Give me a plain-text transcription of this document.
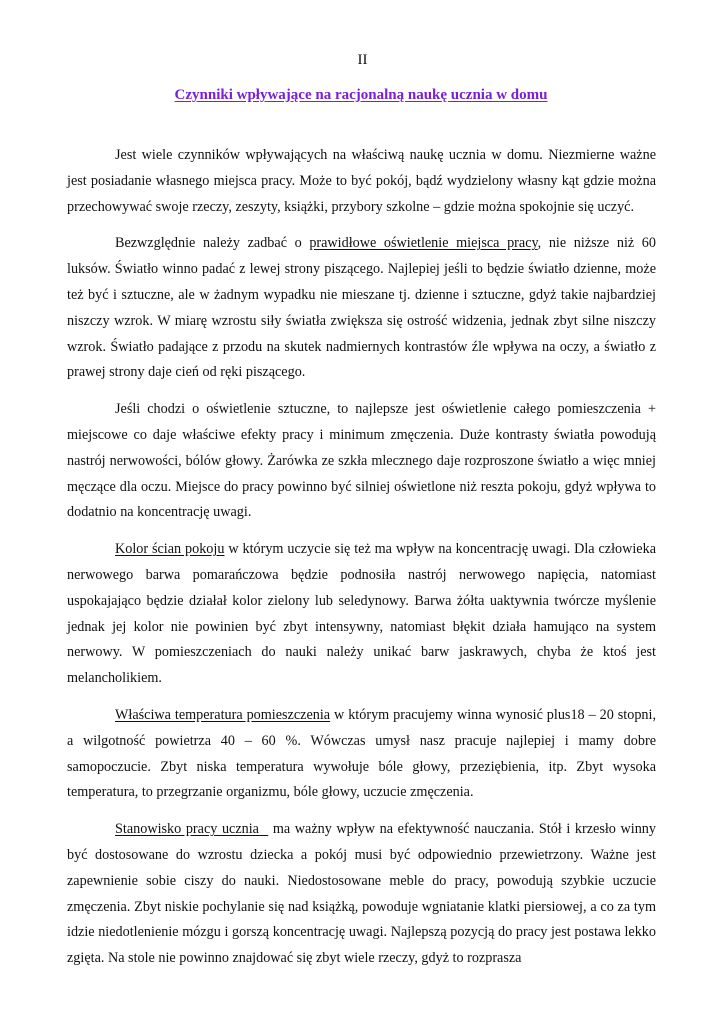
II
Czynniki wpływające na racjonalną naukę ucznia w domu

Jest wiele czynników wpływających na właściwą naukę ucznia w domu. Niezmierne ważne jest posiadanie własnego miejsca pracy. Może to być pokój, bądź wydzielony własny kąt gdzie można przechowywać swoje rzeczy, zeszyty, książki, przybory szkolne – gdzie można spokojnie się uczyć.

Bezwzględnie należy zadbać o prawidłowe oświetlenie miejsca pracy, nie niższe niż 60 luksów. Światło winno padać z lewej strony piszącego. Najlepiej jeśli to będzie światło dzienne, może też być i sztuczne, ale w żadnym wypadku nie mieszane tj. dzienne i sztuczne, gdyż takie najbardziej niszczy wzrok. W miarę wzrostu siły światła zwiększa się ostrość widzenia, jednak zbyt silne niszczy wzrok. Światło padające z przodu na skutek nadmiernych kontrastów źle wpływa na oczy, a światło z prawej strony daje cień od ręki piszącego.

Jeśli chodzi o oświetlenie sztuczne, to najlepsze jest oświetlenie całego pomieszczenia + miejscowe co daje właściwe efekty pracy i minimum zmęczenia. Duże kontrasty światła powodują nastrój nerwowości, bólów głowy. Żarówka ze szkła mlecznego daje rozproszone światło a więc mniej męczące dla oczu. Miejsce do pracy powinno być silniej oświetlone niż reszta pokoju, gdyż wpływa to dodatnio na koncentrację uwagi.

Kolor ścian pokoju w którym uczycie się też ma wpływ na koncentrację uwagi. Dla człowieka nerwowego barwa pomarańczowa będzie podnosiła nastrój nerwowego napięcia, natomiast uspokajająco będzie działał kolor zielony lub seledynowy. Barwa żółta uaktywnia twórcze myślenie jednak jej kolor nie powinien być zbyt intensywny, natomiast błękit działa hamująco na system nerwowy. W pomieszczeniach do nauki należy unikać barw jaskrawych, chyba że ktoś jest melancholikiem.

Właściwa temperatura pomieszczenia w którym pracujemy winna wynosić plus18 – 20 stopni, a wilgotność powietrza 40 – 60 %. Wówczas umysł nasz pracuje najlepiej i mamy dobre samopoczucie. Zbyt niska temperatura wywołuje bóle głowy, przeziębienia, itp. Zbyt wysoka temperatura, to przegrzanie organizmu, bóle głowy, uczucie zmęczenia.

Stanowisko pracy ucznia   ma ważny wpływ na efektywność nauczania. Stół i krzesło winny być dostosowane do wzrostu dziecka a pokój musi być odpowiednio przewietrzony. Ważne jest zapewnienie sobie ciszy do nauki. Niedostosowane meble do pracy, powodują szybkie uczucie zmęczenia. Zbyt niskie pochylanie się nad książką, powoduje wgniatanie klatki piersiowej, a co za tym idzie niedotlenienie mózgu i gorszą koncentrację uwagi. Najlepszą pozycją do pracy jest postawa lekko zgięta. Na stole nie powinno znajdować się zbyt wiele rzeczy, gdyż to rozprasza
